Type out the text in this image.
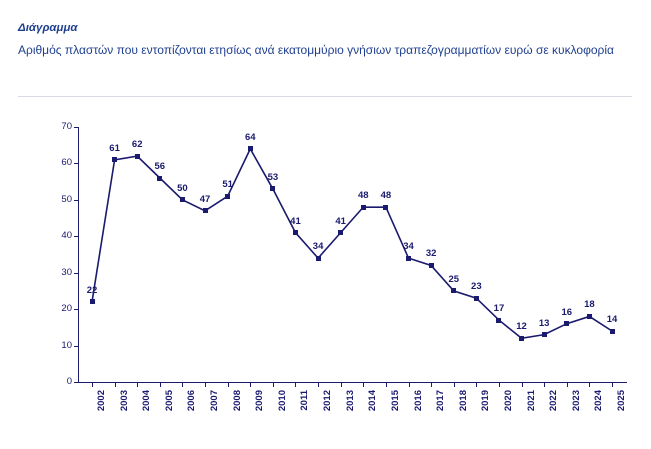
Διάγραμμα
Αριθμός πλαστών που εντοπίζονται ετησίως ανά εκατομμύριο γνήσιων τραπεζογραμματίων ευρώ σε κυκλοφορία
0
10
20
30
40
50
60
70
2002 2003 2004 2005 2006 2007 2008 2009 2010 2011 2012 2013 2014 2015 2016 2017 2018 2019 2020 2021 2022 2023 2024 2025
22
61 62
56
50
47
51
64
53
41
34
41
48 48
34
32
25
23
17
12 13
16
18
14
